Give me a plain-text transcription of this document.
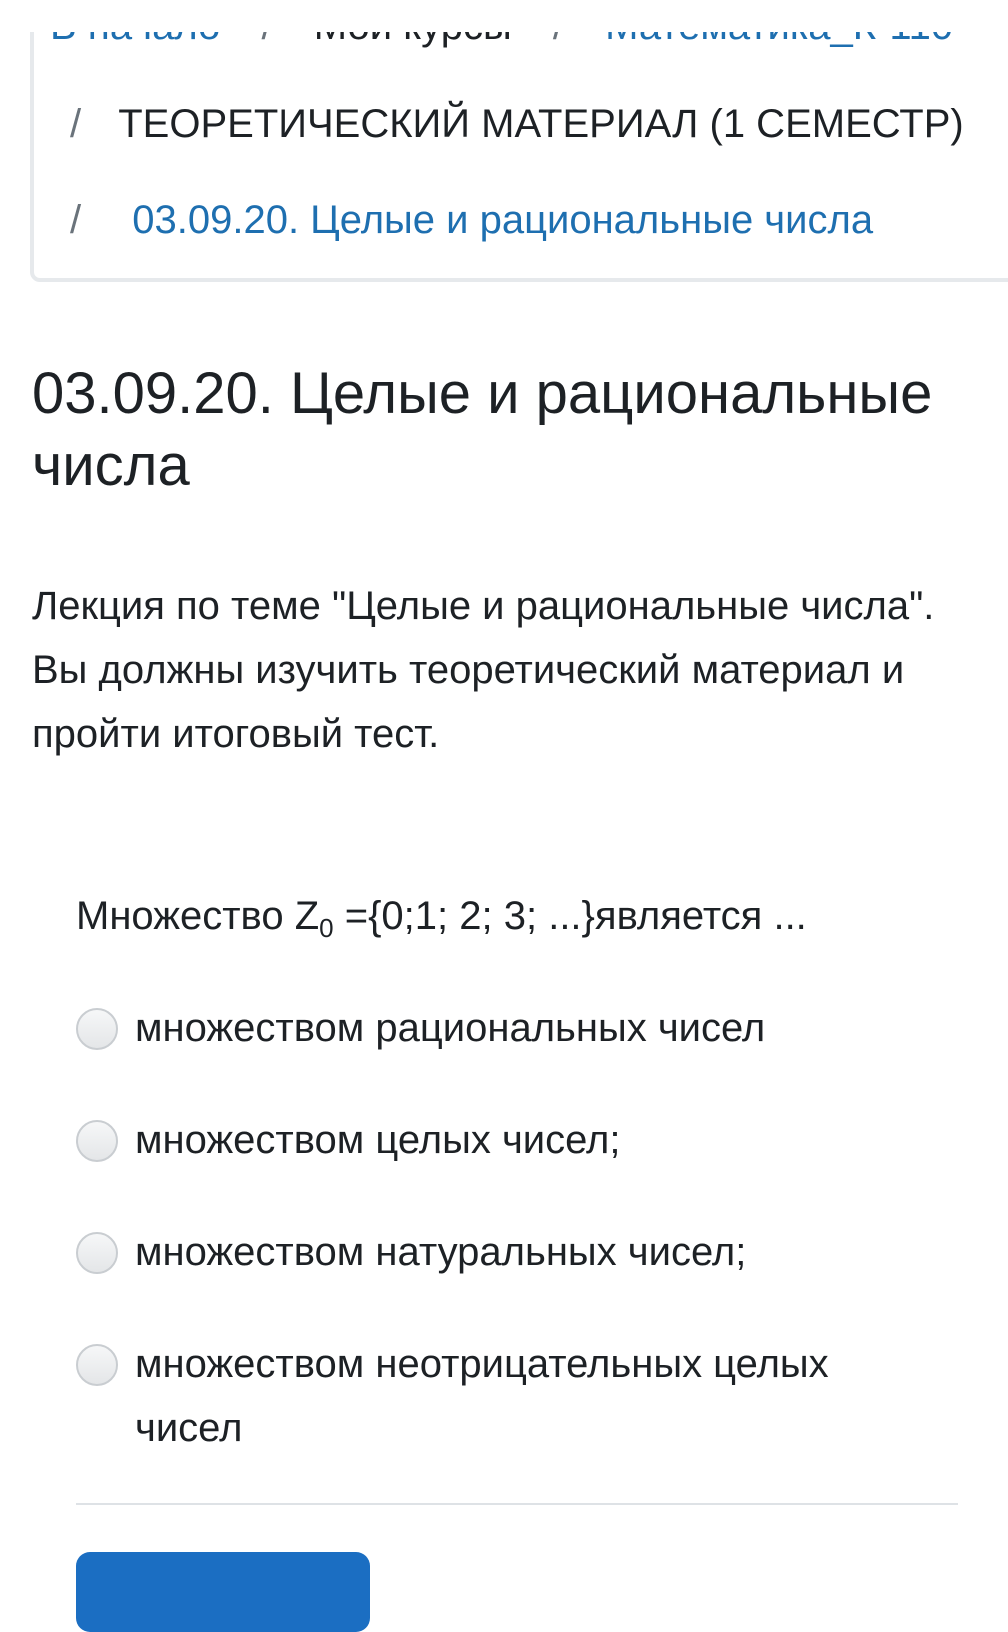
/ ТЕОРЕТИЧЕСКИЙ МАТЕРИАЛ (1 СЕМЕСТР)
/ 03.09.20. Целые и рациональные числа
03.09.20. Целые и рациональные числа

Лекция по теме "Целые и рациональные числа". Вы должны изучить теоретический материал и пройти итоговый тест.

Множество $Z_0$ ={0;1; 2; 3; ...}является ...

множеством рациональных чисел
множеством целых чисел;
множеством натуральных чисел;
множеством неотрицательных целых чисел
